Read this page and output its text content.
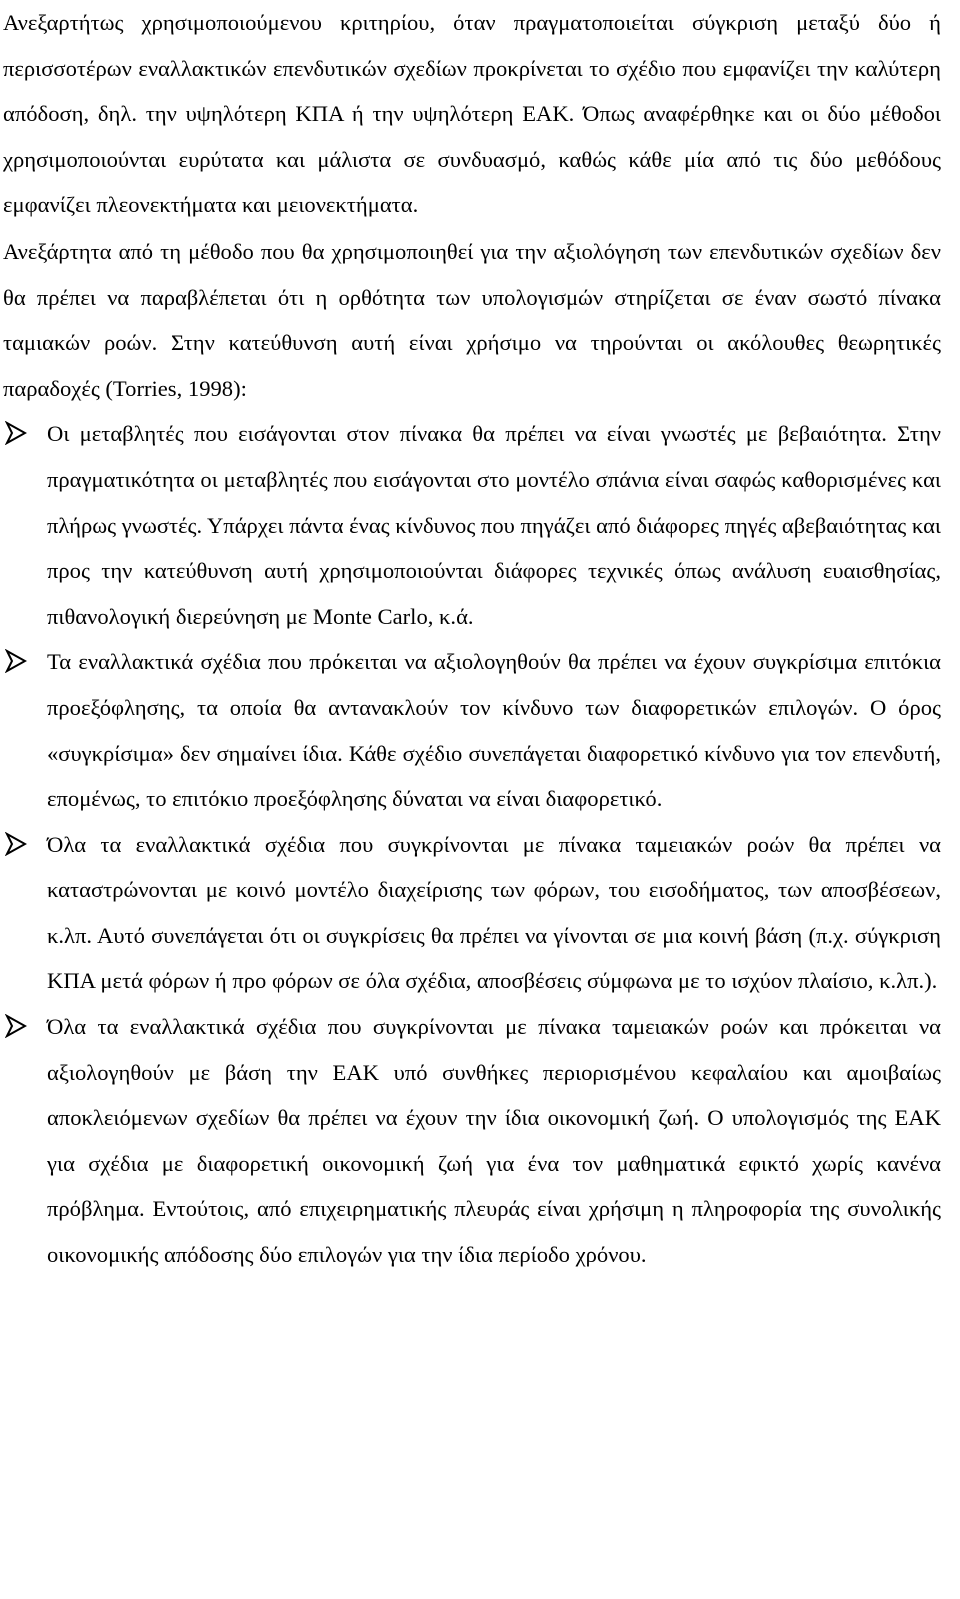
Ανεξαρτήτως χρησιμοποιούμενου κριτηρίου, όταν πραγματοποιείται σύγκριση μεταξύ δύο ή περισσοτέρων εναλλακτικών επενδυτικών σχεδίων προκρίνεται το σχέδιο που εμφανίζει την καλύτερη απόδοση, δηλ. την υψηλότερη ΚΠΑ ή την υψηλότερη ΕΑΚ. Όπως αναφέρθηκε και οι δύο μέθοδοι χρησιμοποιούνται ευρύτατα και μάλιστα σε συνδυασμό, καθώς κάθε μία από τις δύο μεθόδους εμφανίζει πλεονεκτήματα και μειονεκτήματα.

Ανεξάρτητα από τη μέθοδο που θα χρησιμοποιηθεί για την αξιολόγηση των επενδυτικών σχεδίων δεν θα πρέπει να παραβλέπεται ότι η ορθότητα των υπολογισμών στηρίζεται σε έναν σωστό πίνακα ταμιακών ροών. Στην κατεύθυνση αυτή είναι χρήσιμο να τηρούνται οι ακόλουθες θεωρητικές παραδοχές (Torries, 1998):

Οι μεταβλητές που εισάγονται στον πίνακα θα πρέπει να είναι γνωστές με βεβαιότητα. Στην πραγματικότητα οι μεταβλητές που εισάγονται στο μοντέλο σπάνια είναι σαφώς καθορισμένες και πλήρως γνωστές. Υπάρχει πάντα ένας κίνδυνος που πηγάζει από διάφορες πηγές αβεβαιότητας και προς την κατεύθυνση αυτή χρησιμοποιούνται διάφορες τεχνικές όπως ανάλυση ευαισθησίας, πιθανολογική διερεύνηση με Monte Carlo, κ.ά.
Τα εναλλακτικά σχέδια που πρόκειται να αξιολογηθούν θα πρέπει να έχουν συγκρίσιμα επιτόκια προεξόφλησης, τα οποία θα αντανακλούν τον κίνδυνο των διαφορετικών επιλογών. Ο όρος «συγκρίσιμα» δεν σημαίνει ίδια. Κάθε σχέδιο συνεπάγεται διαφορετικό κίνδυνο για τον επενδυτή, επομένως, το επιτόκιο προεξόφλησης δύναται να είναι διαφορετικό.
Όλα τα εναλλακτικά σχέδια που συγκρίνονται με πίνακα ταμειακών ροών θα πρέπει να καταστρώνονται με κοινό μοντέλο διαχείρισης των φόρων, του εισοδήματος, των αποσβέσεων, κ.λπ. Αυτό συνεπάγεται ότι οι συγκρίσεις θα πρέπει να γίνονται σε μια κοινή βάση (π.χ. σύγκριση ΚΠΑ μετά φόρων ή προ φόρων σε όλα σχέδια, αποσβέσεις σύμφωνα με το ισχύον πλαίσιο, κ.λπ.).
Όλα τα εναλλακτικά σχέδια που συγκρίνονται με πίνακα ταμειακών ροών και πρόκειται να αξιολογηθούν με βάση την ΕΑΚ υπό συνθήκες περιορισμένου κεφαλαίου και αμοιβαίως αποκλειόμενων σχεδίων θα πρέπει να έχουν την ίδια οικονομική ζωή. Ο υπολογισμός της ΕΑΚ για σχέδια με διαφορετική οικονομική ζωή για ένα τον μαθηματικά εφικτό χωρίς κανένα πρόβλημα. Εντούτοις, από επιχειρηματικής πλευράς είναι χρήσιμη η πληροφορία της συνολικής οικονομικής απόδοσης δύο επιλογών για την ίδια περίοδο χρόνου.
